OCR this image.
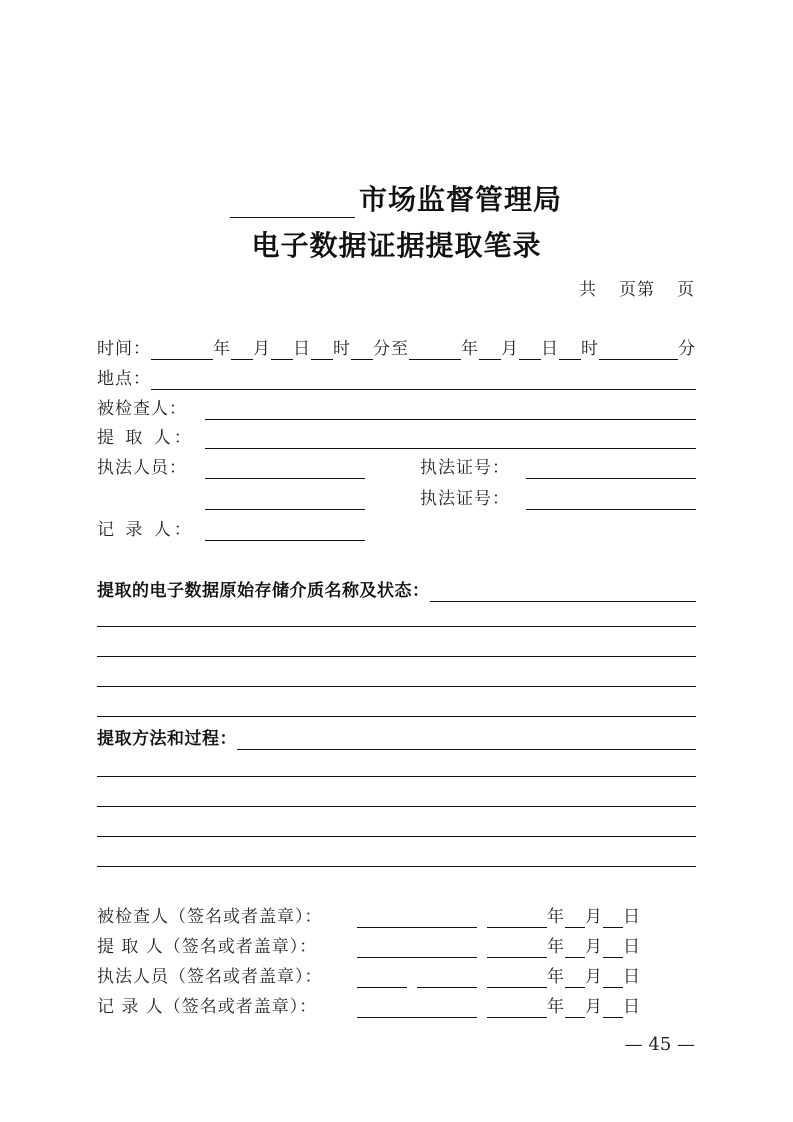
市场监督管理局
电子数据证据提取笔录
共 页第 页
时间：	年 月 日 时 分至	年 月 日 时	分
地点：
被检查人：
提 取 人：
执法人员：	执法证号：
执法证号：
记 录 人：
提取的电子数据原始存储介质名称及状态：
提取方法和过程：
被检查人（签名或者盖章）：	年 月 日
提 取 人（签名或者盖章）：	年 月 日
执法人员（签名或者盖章）：	年 月 日
记 录 人（签名或者盖章）：	年 月 日
— 45 —
